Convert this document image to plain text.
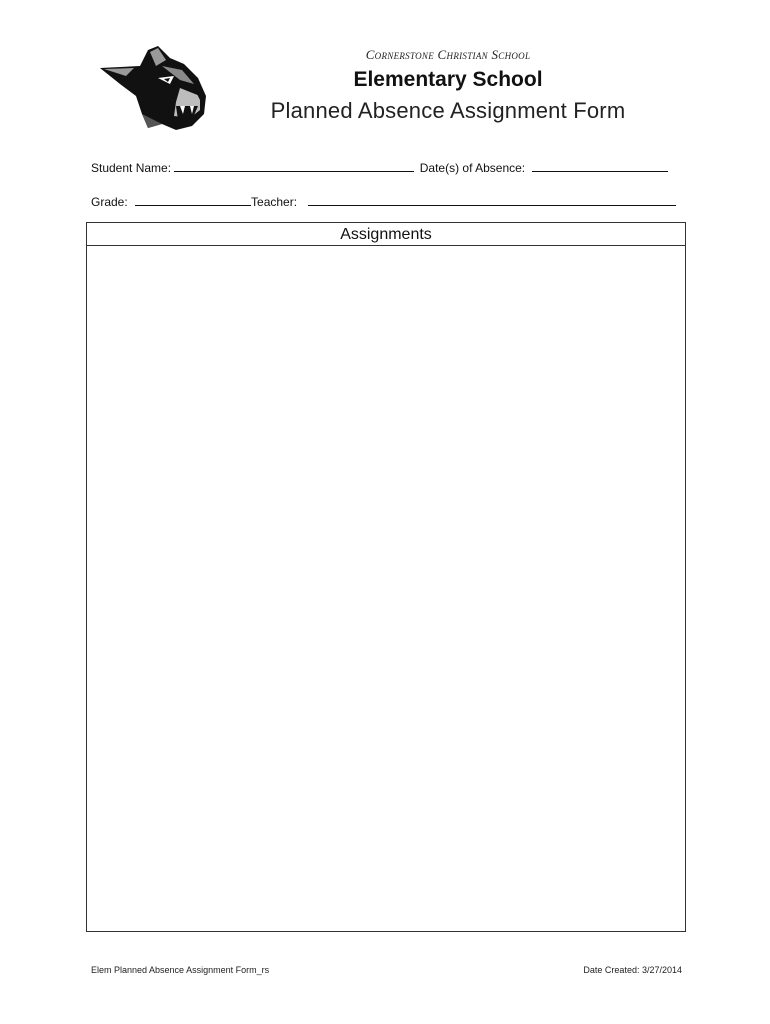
Cornerstone Christian School
Elementary School
Planned Absence Assignment Form
Student Name:	Date(s) of Absence:
Grade:	Teacher:
Assignments
Elem Planned Absence Assignment Form_rs	Date Created: 3/27/2014
